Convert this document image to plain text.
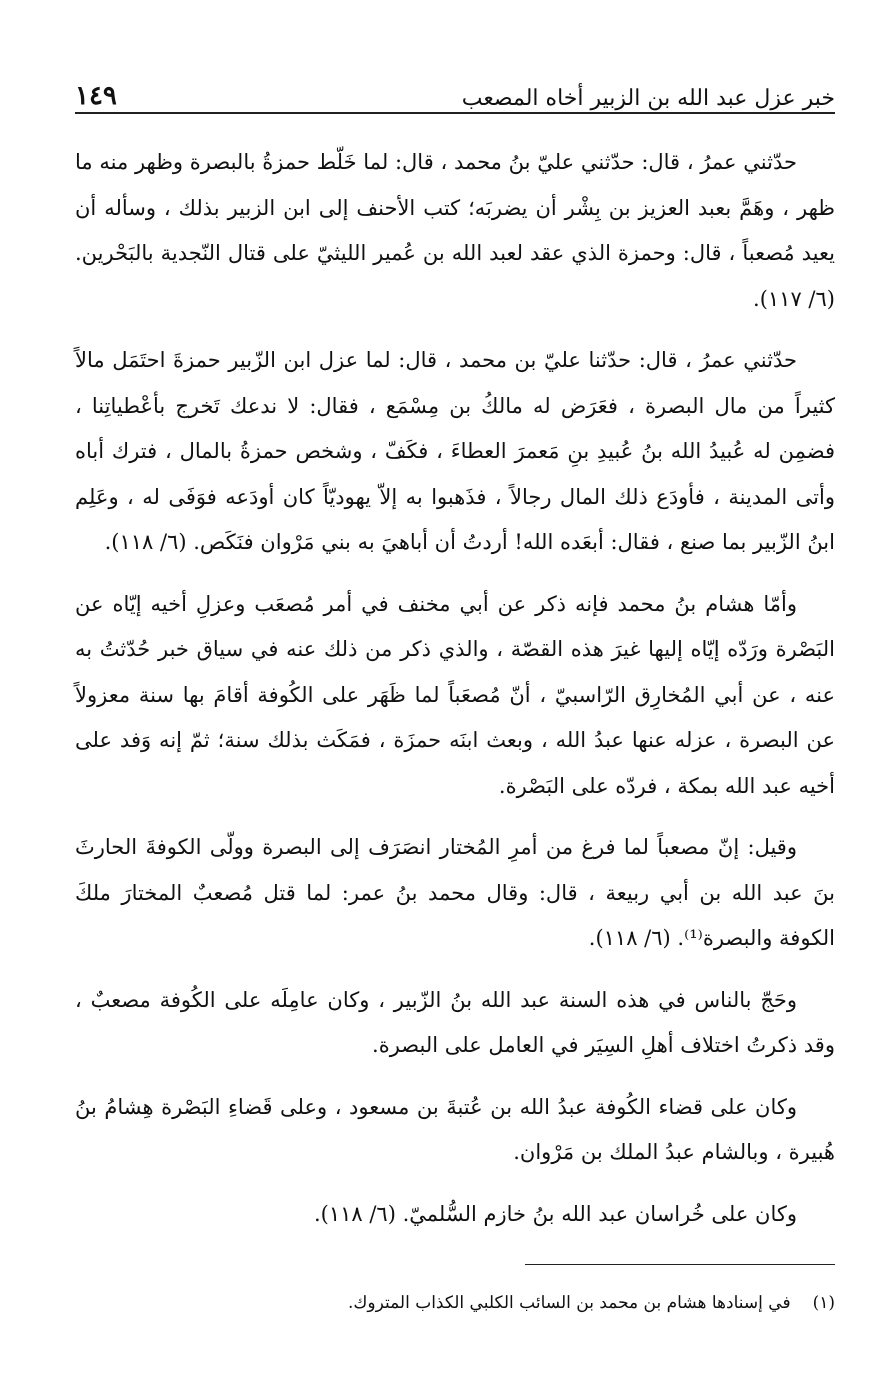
خبر عزل عبد الله بن الزبير أخاه المصعب
١٤٩

حدّثني عمرُ ، قال: حدّثني عليّ بنُ محمد ، قال: لما خَلّط حمزةُ بالبصرة وظهر منه ما ظهر ، وهَمَّ بعبد العزيز بن بِشْر أن يضربَه؛ كتب الأحنف إلى ابن الزبير بذلك ، وسأله أن يعيد مُصعباً ، قال: وحمزة الذي عقد لعبد الله بن عُمير الليثيّ على قتال النّجدية بالبَحْرين. (٦/ ١١٧).

حدّثني عمرُ ، قال: حدّثنا عليّ بن محمد ، قال: لما عزل ابن الزّبير حمزةَ احتَمَل مالاً كثيراً من مال البصرة ، فعَرَض له مالكُ بن مِسْمَع ، فقال: لا ندعك تَخرج بأعْطياتِنا ، فضمِن له عُبيدُ الله بنُ عُبيدِ بنِ مَعمرَ العطاءَ ، فكَفّ ، وشخص حمزةُ بالمال ، فترك أباه وأتى المدينة ، فأودَع ذلك المال رجالاً ، فذَهبوا به إلاّ يهوديّاً كان أودَعه فوَفَى له ، وعَلِم ابنُ الزّبير بما صنع ، فقال: أبعَده الله! أردتُ أن أباهيَ به بني مَرْوان فنَكَص. (٦/ ١١٨).

وأمّا هشام بنُ محمد فإنه ذكر عن أبي مخنف في أمر مُصعَب وعزلِ أخيه إيّاه عن البَصْرة ورَدّه إيّاه إليها غيرَ هذه القصّة ، والذي ذكر من ذلك عنه في سياق خبر حُدّثتُ به عنه ، عن أبي المُخارِق الرّاسبيّ ، أنّ مُصعَباً لما ظَهَر على الكُوفة أقامَ بها سنة معزولاً عن البصرة ، عزله عنها عبدُ الله ، وبعث ابنَه حمزَة ، فمَكَث بذلك سنة؛ ثمّ إنه وَفد على أخيه عبد الله بمكة ، فردّه على البَصْرة.

وقيل: إنّ مصعباً لما فرغ من أمرِ المُختار انصَرَف إلى البصرة وولّى الكوفةَ الحارثَ بنَ عبد الله بن أبي ربيعة ، قال: وقال محمد بنُ عمر: لما قتل مُصعبٌ المختارَ ملكَ الكوفة والبصرة⁽¹⁾. (٦/ ١١٨).

وحَجّ بالناس في هذه السنة عبد الله بنُ الزّبير ، وكان عامِلَه على الكُوفة مصعبٌ ، وقد ذكرتُ اختلاف أهلِ السِيَر في العامل على البصرة.

وكان على قضاء الكُوفة عبدُ الله بن عُتبةَ بن مسعود ، وعلى قَضاءِ البَصْرة هِشامُ بنُ هُبيرة ، وبالشام عبدُ الملك بن مَرْوان.

وكان على خُراسان عبد الله بنُ خازم السُّلميّ. (٦/ ١١٨).

(١)في إسنادها هشام بن محمد بن السائب الكلبي الكذاب المتروك.
